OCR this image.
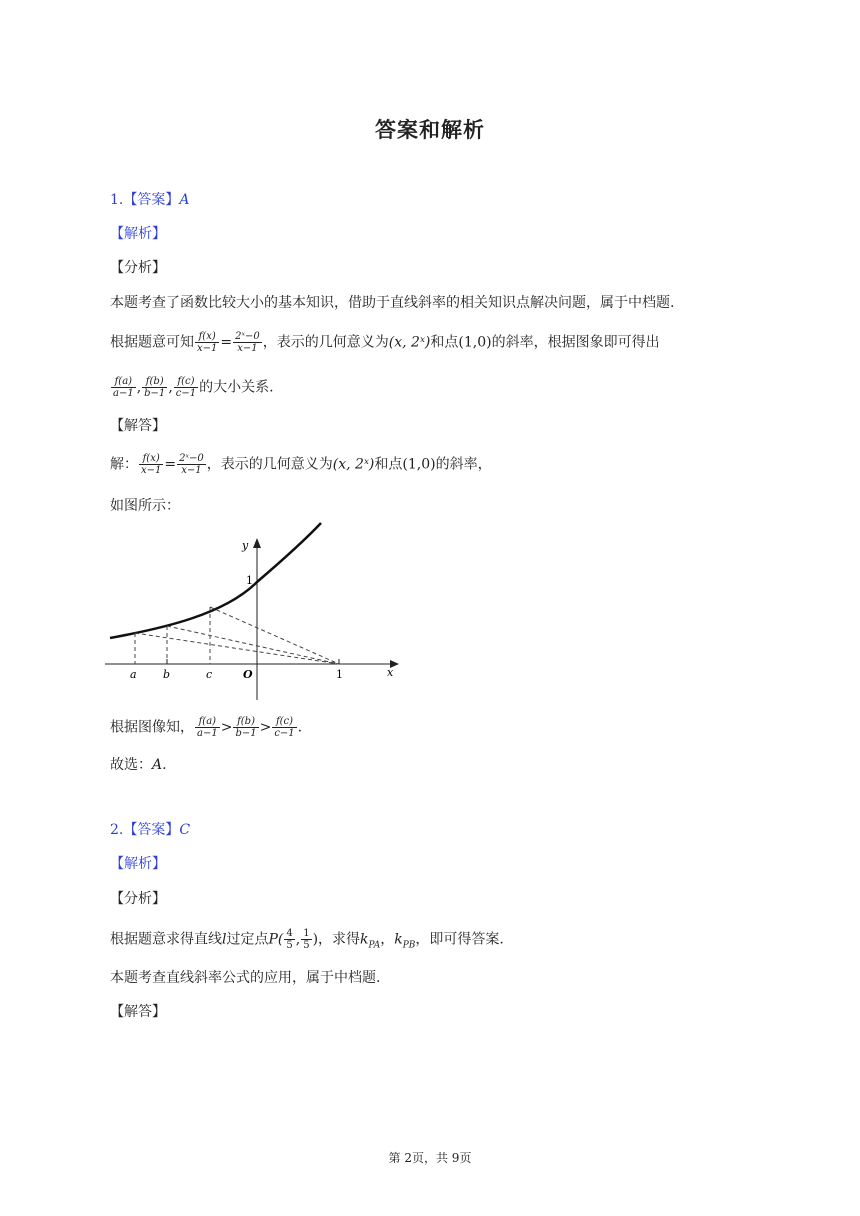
答案和解析
1.【答案】A
【解析】
【分析】
本题考查了函数比较大小的基本知识，借助于直线斜率的相关知识点解决问题，属于中档题.
根据题意可知 $\frac{f(x)}{x-1} = \frac{\text{2ˣ−0}}{x-1}$ ，表示的几何意义为(x, 2ˣ)和点(1,0)的斜率，根据图象即可得出
$\frac{f(a)}{a-1}$ , $\frac{f(b)}{b-1}$ , $\frac{f(c)}{c-1}$ 的大小关系.
【解答】
解： $\frac{f(x)}{x-1} = \frac{\text{2ˣ−0}}{x-1}$ ，表示的几何意义为(x, 2ˣ)和点(1,0)的斜率，
如图所示：
y
x
1
1
O
a b	c
根据图像知， $\frac{f(a)}{a-1} > \frac{f(b)}{b-1} > \frac{f(c)}{c-1}$ .
故选：A.
2.【答案】C
【解析】
【分析】
根据题意求得直线l过定点$P( \frac{4}{5}$ , $\frac{1}{5}$ )，求得$k_{PA}$，$k_{PB}$，即可得答案.
本题考查直线斜率公式的应用，属于中档题.
【解答】
第 2页，共 9页
